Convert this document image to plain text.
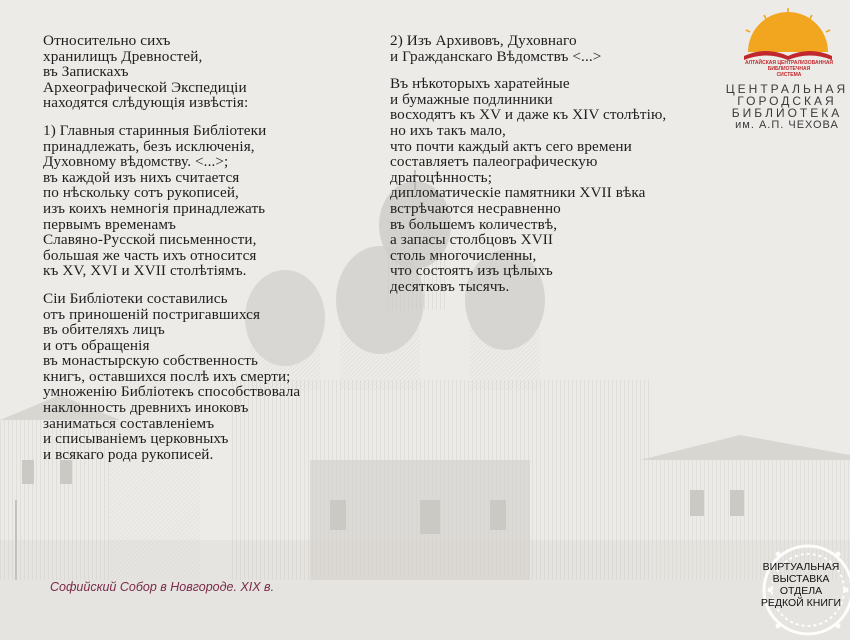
АЛТАЙСКАЯ ЦЕНТРАЛИЗОВАННАЯ
БИБЛИОТЕЧНАЯ
СИСТЕМА
ЦЕНТРАЛЬНАЯ
ГОРОДСКАЯ
БИБЛИОТЕКА
им. А.П. ЧЕХОВА

Относительно сихъ
хранилищъ Древностей,
въ Запискахъ
Археографической Экспедиціи
находятся слѣдующія извѣстія:

1) Главныя старинныя Библіотеки
принадлежать, безъ исключенія,
Духовному вѣдомству. <...>;
въ каждой изъ нихъ считается
по нѣскольку сотъ рукописей,
изъ коихъ немногія принадлежать
первымъ временамъ
Славяно-Русской письменности,
большая же часть ихъ относится
къ XV, XVI и XVII столѣтіямъ.

Сіи Библіотеки составились
отъ приношеній постригавшихся
въ обителяхъ лицъ
и отъ обращенія
въ монастырскую собственность
книгъ, оставшихся послѣ ихъ смерти;
умноженію Библіотекъ способствовала
наклонность древнихъ иноковъ
заниматься составленіемъ
и списываніемъ церковныхъ
и всякаго рода рукописей.

2) Изъ Архивовъ, Духовнаго
и Гражданскаго Вѣдомствъ <...>

Въ нѣкоторыхъ харатейные
и бумажные подлинники
восходятъ къ XV и даже къ XIV столѣтію,
но ихъ такъ мало,
что почти каждый актъ сего времени
составляетъ палеографическую
драгоцѣнность;
дипломатическіе памятники XVII вѣка
встрѣчаются несравненно
въ большемъ количествѣ,
а запасы столбцовъ XVII
столь многочисленны,
что состоятъ изъ цѣлыхъ
десятковъ тысячъ.

Софийский Собор в Новгороде. XIX в.
ВИРТУАЛЬНАЯ
ВЫСТАВКА
ОТДЕЛА
РЕДКОЙ КНИГИ
